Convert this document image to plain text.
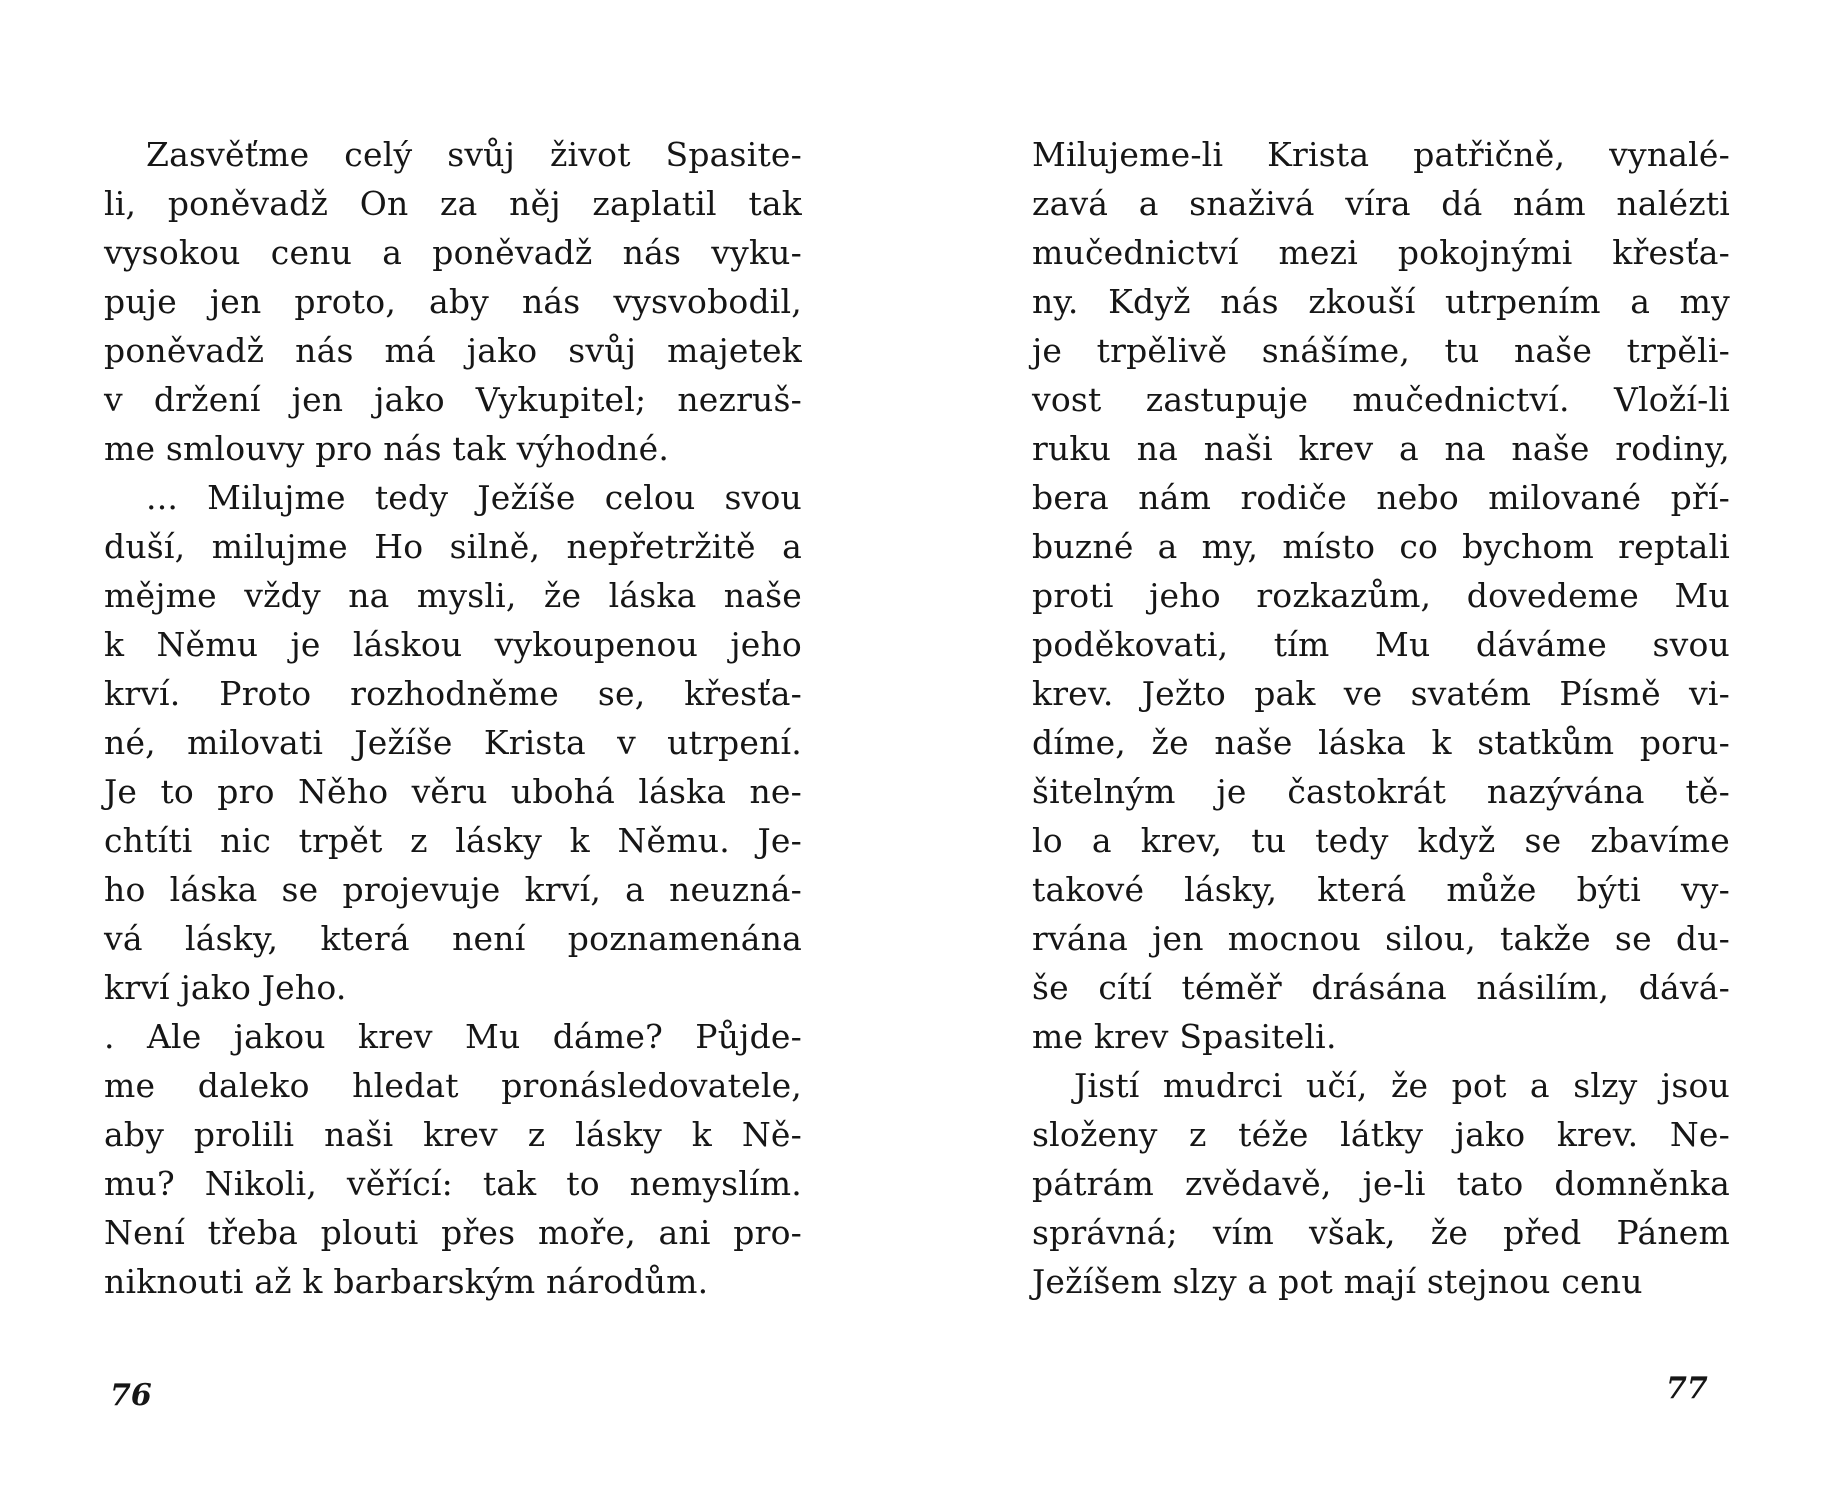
Zasvěťme celý svůj život Spasite-
li, poněvadž On za něj zaplatil tak
vysokou cenu a poněvadž nás vyku-
puje jen proto, aby nás vysvobodil,
poněvadž nás má jako svůj majetek
v držení jen jako Vykupitel; nezruš-
me smlouvy pro nás tak výhodné.
... Milujme tedy Ježíše celou svou
duší, milujme Ho silně, nepřetržitě a
mějme vždy na mysli, že láska naše
k Němu je láskou vykoupenou jeho
krví. Proto rozhodněme se, křesťa-
né, milovati Ježíše Krista v utrpení.
Je to pro Něho věru ubohá láska ne-
chtíti nic trpět z lásky k Němu. Je-
ho láska se projevuje krví, a neuzná-
vá lásky, která není poznamenána
krví jako Jeho.
. Ale jakou krev Mu dáme? Půjde-
me daleko hledat pronásledovatele,
aby prolili naši krev z lásky k Ně-
mu? Nikoli, věřící: tak to nemyslím.
Není třeba plouti přes moře, ani pro-
niknouti až k barbarským národům.
76
Milujeme-li Krista patřičně, vynalé-
zavá a snaživá víra dá nám nalézti
mučednictví mezi pokojnými křesťa-
ny. Když nás zkouší utrpením a my
je trpělivě snášíme, tu naše trpěli-
vost zastupuje mučednictví. Vloží-li
ruku na naši krev a na naše rodiny,
bera nám rodiče nebo milované pří-
buzné a my, místo co bychom reptali
proti jeho rozkazům, dovedeme Mu
poděkovati, tím Mu dáváme svou
krev. Ježto pak ve svatém Písmě vi-
díme, že naše láska k statkům poru-
šitelným je častokrát nazývána tě-
lo a krev, tu tedy když se zbavíme
takové lásky, která může býti vy-
rvána jen mocnou silou, takže se du-
še cítí téměř drásána násilím, dává-
me krev Spasiteli.
Jistí mudrci učí, že pot a slzy jsou
složeny z téže látky jako krev. Ne-
pátrám zvědavě, je-li tato domněnka
správná; vím však, že před Pánem
Ježíšem slzy a pot mají stejnou cenu
77
